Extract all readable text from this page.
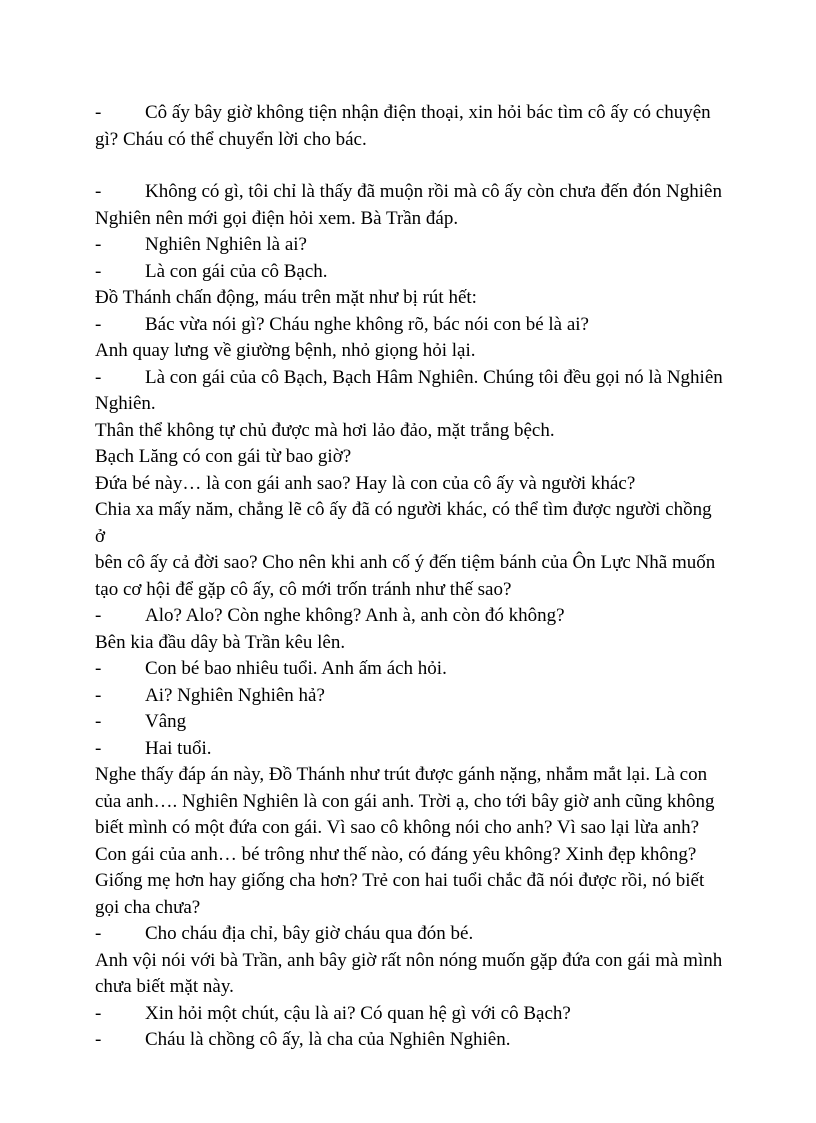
-	Cô ấy bây giờ không tiện nhận điện thoại, xin hỏi bác tìm cô ấy có chuyện
gì? Cháu có thể chuyển lời cho bác.
-	Không có gì, tôi chỉ là thấy đã muộn rồi mà cô ấy còn chưa đến đón Nghiên
Nghiên nên mới gọi điện hỏi xem. Bà Trần đáp.
-	Nghiên Nghiên là ai?
-	Là con gái của cô Bạch.
Đồ Thánh chấn động, máu trên mặt như bị rút hết:
-	Bác vừa nói gì? Cháu nghe không rõ, bác nói con bé là ai?
Anh quay lưng về giường bệnh, nhỏ giọng hỏi lại.
-	Là con gái của cô Bạch, Bạch Hâm Nghiên. Chúng tôi đều gọi nó là Nghiên
Nghiên.
Thân thể không tự chủ được mà hơi lảo đảo, mặt trắng bệch.
Bạch Lăng có con gái từ bao giờ?
Đứa bé này… là con gái anh sao? Hay là con của cô ấy và người khác?
Chia xa mấy năm, chẳng lẽ cô ấy đã có người khác, có thể tìm được người chồng ở
bên cô ấy cả đời sao? Cho nên khi anh cố ý đến tiệm bánh của Ôn Lực Nhã muốn
tạo cơ hội để gặp cô ấy, cô mới trốn tránh như thế sao?
-	Alo? Alo? Còn nghe không? Anh à, anh còn đó không?
Bên kia đầu dây bà Trần kêu lên.
-	Con bé bao nhiêu tuổi. Anh ấm ách hỏi.
-	Ai? Nghiên Nghiên hả?
-	Vâng
-	Hai tuổi.
Nghe thấy đáp án này, Đồ Thánh như trút được gánh nặng, nhắm mắt lại. Là con
của anh…. Nghiên Nghiên là con gái anh. Trời ạ, cho tới bây giờ anh cũng không
biết mình có một đứa con gái. Vì sao cô không nói cho anh? Vì sao lại lừa anh?
Con gái của anh… bé trông như thế nào, có đáng yêu không? Xinh đẹp không?
Giống mẹ hơn hay giống cha hơn? Trẻ con hai tuổi chắc đã nói được rồi, nó biết
gọi cha chưa?
-	Cho cháu địa chỉ, bây giờ cháu qua đón bé.
Anh vội nói với bà Trần, anh bây giờ rất nôn nóng muốn gặp đứa con gái mà mình
chưa biết mặt này.
-	Xin hỏi một chút, cậu là ai? Có quan hệ gì với cô Bạch?
-	Cháu là chồng cô ấy, là cha của Nghiên Nghiên.
